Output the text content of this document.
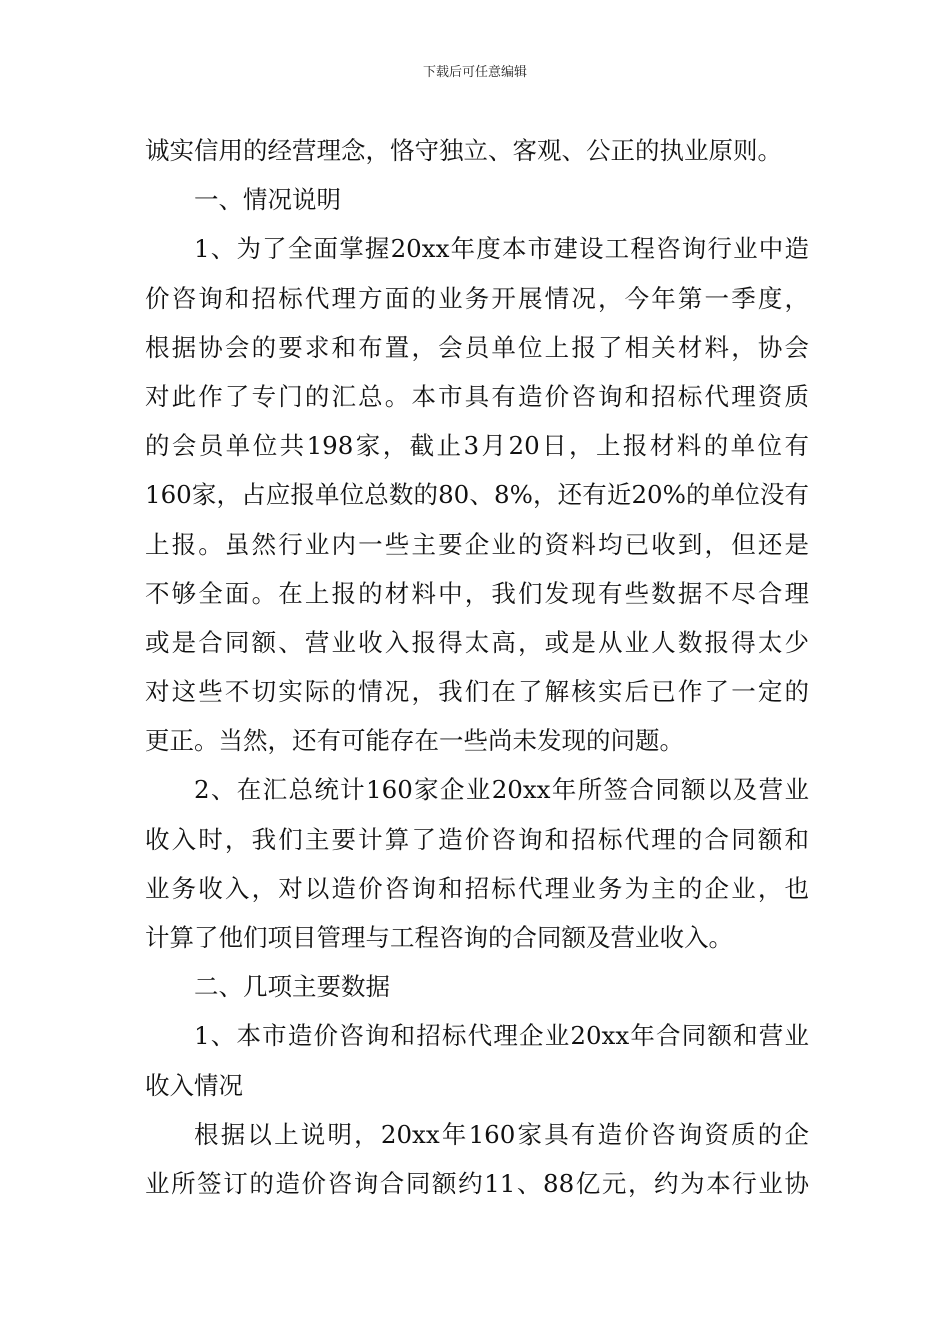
下载后可任意编辑
诚实信用的经营理念，恪守独立、客观、公正的执业原则。
一、情况说明
1、为了全面掌握20xx年度本市建设工程咨询行业中造
价咨询和招标代理方面的业务开展情况，今年第一季度，
根据协会的要求和布置，会员单位上报了相关材料，协会
对此作了专门的汇总。本市具有造价咨询和招标代理资质
的会员单位共198家，截止3月20日，上报材料的单位有
160家，占应报单位总数的80、8%，还有近20%的单位没有
上报。虽然行业内一些主要企业的资料均已收到，但还是
不够全面。在上报的材料中，我们发现有些数据不尽合理
或是合同额、营业收入报得太高，或是从业人数报得太少
对这些不切实际的情况，我们在了解核实后已作了一定的
更正。当然，还有可能存在一些尚未发现的问题。
2、在汇总统计160家企业20xx年所签合同额以及营业
收入时，我们主要计算了造价咨询和招标代理的合同额和
业务收入，对以造价咨询和招标代理业务为主的企业，也
计算了他们项目管理与工程咨询的合同额及营业收入。
二、几项主要数据
1、本市造价咨询和招标代理企业20xx年合同额和营业
收入情况
根据以上说明，20xx年160家具有造价咨询资质的企
业所签订的造价咨询合同额约11、88亿元，约为本行业协
